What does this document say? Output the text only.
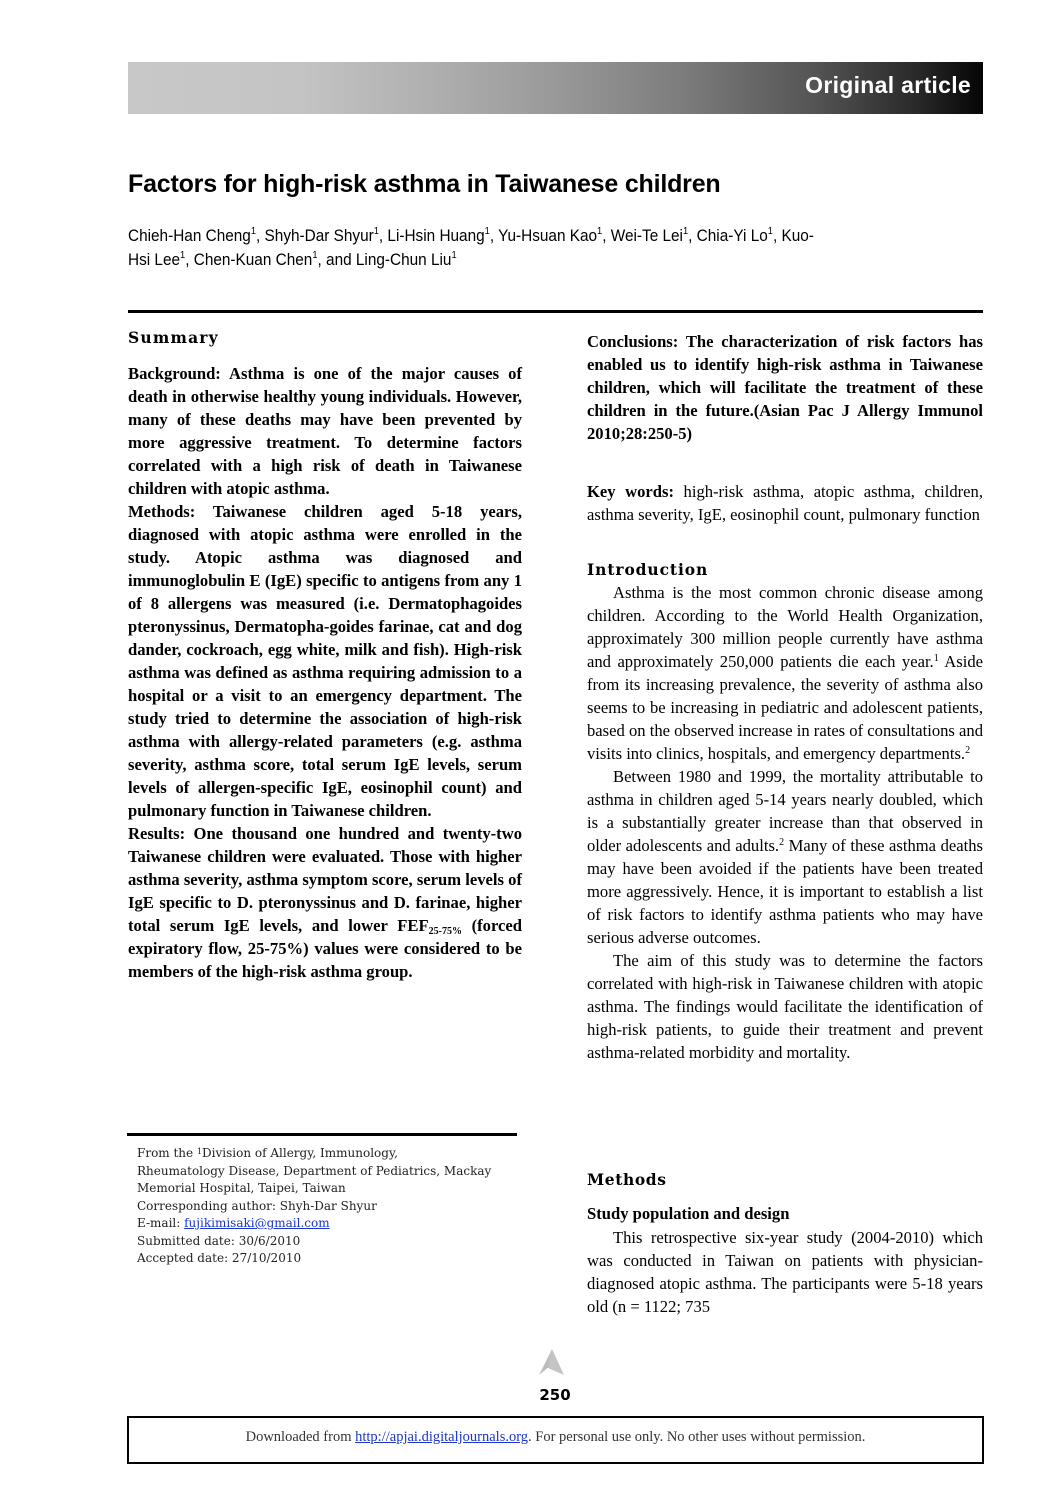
Original article
Factors for high-risk asthma in Taiwanese children
Chieh-Han Cheng$^1$, Shyh-Dar Shyur$^1$, Li-Hsin Huang$^1$, Yu-Hsuan Kao$^1$, Wei-Te Lei$^1$, Chia-Yi Lo$^1$, Kuo-
Hsi Lee$^1$, Chen-Kuan Chen$^1$, and Ling-Chun Liu$^1$
Summary

Background: Asthma is one of the major causes of death in otherwise healthy young individuals. However, many of these deaths may have been prevented by more aggressive treatment. To determine factors correlated with a high risk of death in Taiwanese children with atopic asthma.

Methods: Taiwanese children aged 5-18 years, diagnosed with atopic asthma were enrolled in the study. Atopic asthma was diagnosed and immunoglobulin E (IgE) specific to antigens from any 1 of 8 allergens was measured (i.e. Dermatophagoides pteronyssinus, Dermatopha-goides farinae, cat and dog dander, cockroach, egg white, milk and fish). High-risk asthma was defined as asthma requiring admission to a hospital or a visit to an emergency department. The study tried to determine the association of high-risk asthma with allergy-related parameters (e.g. asthma severity, asthma score, total serum IgE levels, serum levels of allergen-specific IgE, eosinophil count) and pulmonary function in Taiwanese children.

Results: One thousand one hundred and twenty-two Taiwanese children were evaluated. Those with higher asthma severity, asthma symptom score, serum levels of IgE specific to D. pteronyssinus and D. farinae, higher total serum IgE levels, and lower $FEF_{25-75\%}$ (forced expiratory flow, 25-75%) values were considered to be members of the high-risk asthma group.

From the $^1$Division of Allergy, Immunology,
Rheumatology Disease, Department of Pediatrics, Mackay
Memorial Hospital, Taipei, Taiwan
Corresponding author: Shyh-Dar Shyur
E-mail: fujikimisaki@gmail.com
Submitted date: 30/6/2010
Accepted date: 27/10/2010

Conclusions: The characterization of risk factors has enabled us to identify high-risk asthma in Taiwanese children, which will facilitate the treatment of these children in the future.(Asian Pac J Allergy Immunol 2010;28:250-5)

Key words: high-risk asthma, atopic asthma, children, asthma severity, IgE, eosinophil count, pulmonary function

Introduction

Asthma is the most common chronic disease among children. According to the World Health Organization, approximately 300 million people currently have asthma and approximately 250,000 patients die each year.$^1$ Aside from its increasing prevalence, the severity of asthma also seems to be increasing in pediatric and adolescent patients, based on the observed increase in rates of consultations and visits into clinics, hospitals, and emergency departments.$^2$

Between 1980 and 1999, the mortality attributable to asthma in children aged 5-14 years nearly doubled, which is a substantially greater increase than that observed in older adolescents and adults.$^2$ Many of these asthma deaths may have been avoided if the patients have been treated more aggressively. Hence, it is important to establish a list of risk factors to identify asthma patients who may have serious adverse outcomes.

The aim of this study was to determine the factors correlated with high-risk in Taiwanese children with atopic asthma. The findings would facilitate the identification of high-risk patients, to guide their treatment and prevent asthma-related morbidity and mortality.

Methods
Study population and design

This retrospective six-year study (2004-2010) which was conducted in Taiwan on patients with physician-diagnosed atopic asthma. The participants were 5-18 years old (n = 1122; 735

250
Downloaded from http://apjai.digitaljournals.org. For personal use only. No other uses without permission.
